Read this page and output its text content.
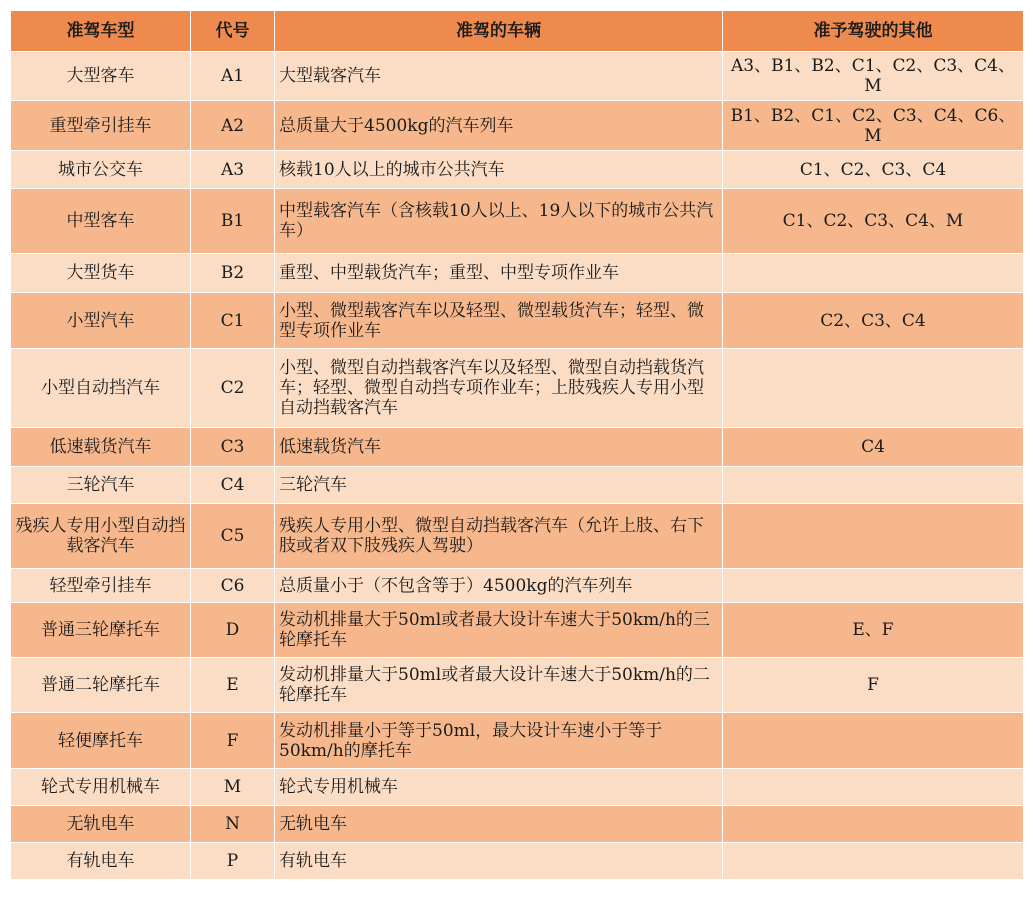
准驾车型	代号	准驾的车辆	准予驾驶的其他
大型客车	A1	大型载客汽车	A3、B1、B2、C1、C2、C3、C4、M
重型牵引挂车	A2	总质量大于4500kg的汽车列车	B1、B2、C1、C2、C3、C4、C6、M
城市公交车	A3	核载10人以上的城市公共汽车	C1、C2、C3、C4
中型客车	B1	中型载客汽车（含核载10人以上、19人以下的城市公共汽车）	C1、C2、C3、C4、M
大型货车	B2	重型、中型载货汽车；重型、中型专项作业车	
小型汽车	C1	小型、微型载客汽车以及轻型、微型载货汽车；轻型、微型专项作业车	C2、C3、C4
小型自动挡汽车	C2	小型、微型自动挡载客汽车以及轻型、微型自动挡载货汽车；轻型、微型自动挡专项作业车；上肢残疾人专用小型自动挡载客汽车	
低速载货汽车	C3	低速载货汽车	C4
三轮汽车	C4	三轮汽车	
残疾人专用小型自动挡载客汽车	C5	残疾人专用小型、微型自动挡载客汽车（允许上肢、右下肢或者双下肢残疾人驾驶）	
轻型牵引挂车	C6	总质量小于（不包含等于）4500kg的汽车列车	
普通三轮摩托车	D	发动机排量大于50ml或者最大设计车速大于50km/h的三轮摩托车	E、F
普通二轮摩托车	E	发动机排量大于50ml或者最大设计车速大于50km/h的二轮摩托车	F
轻便摩托车	F	发动机排量小于等于50ml，最大设计车速小于等于50km/h的摩托车	
轮式专用机械车	M	轮式专用机械车	
无轨电车	N	无轨电车	
有轨电车	P	有轨电车	
